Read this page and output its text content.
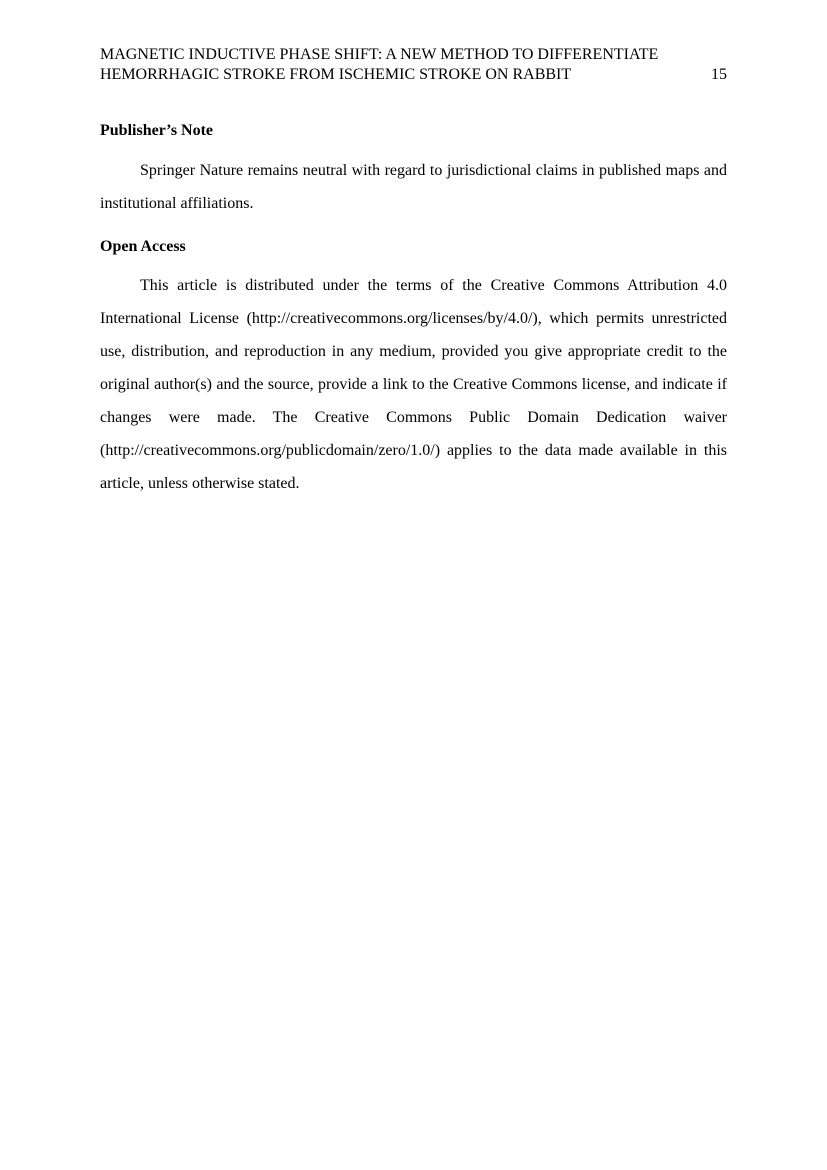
MAGNETIC INDUCTIVE PHASE SHIFT: A NEW METHOD TO DIFFERENTIATE
HEMORRHAGIC STROKE FROM ISCHEMIC STROKE ON RABBIT	15

Publisher’s Note

Springer Nature remains neutral with regard to jurisdictional claims in published maps and institutional affiliations.

Open Access

This article is distributed under the terms of the Creative Commons Attribution 4.0 International License (http://creativecommons.org/licenses/by/4.0/), which permits unrestricted use, distribution, and reproduction in any medium, provided you give appropriate credit to the original author(s) and the source, provide a link to the Creative Commons license, and indicate if changes were made. The Creative Commons Public Domain Dedication waiver (http://creativecommons.org/publicdomain/zero/1.0/) applies to the data made available in this article, unless otherwise stated.
